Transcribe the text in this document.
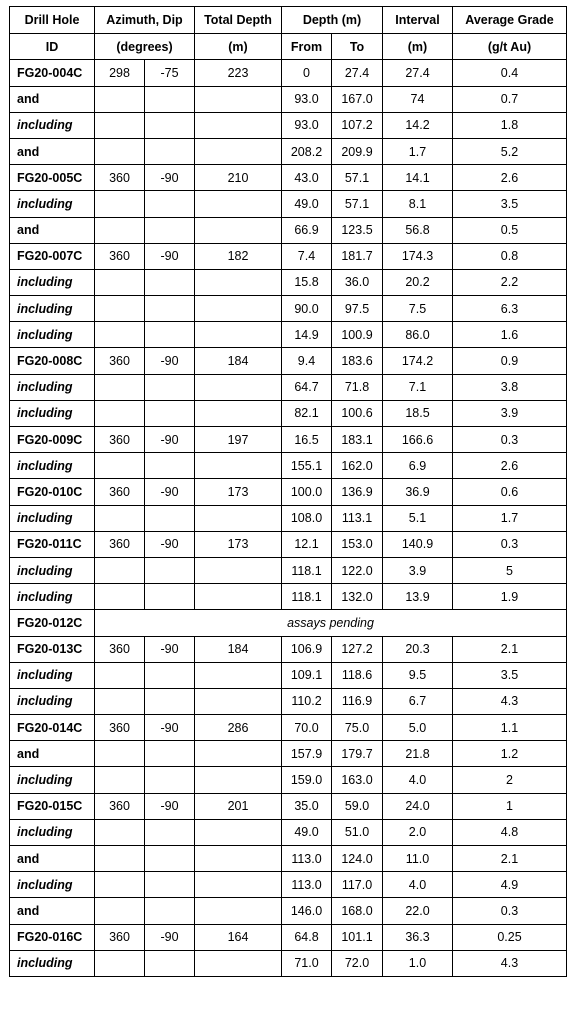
Drill Hole	Azimuth, Dip		Total Depth	Depth (m)		Interval	Average Grade
ID	(degrees)		(m)	From	To	(m)	(g/t Au)
FG20-004C	298	-75	223	0	27.4	27.4	0.4
and				93.0	167.0	74	0.7
including				93.0	107.2	14.2	1.8
and				208.2	209.9	1.7	5.2
FG20-005C	360	-90	210	43.0	57.1	14.1	2.6
including				49.0	57.1	8.1	3.5
and				66.9	123.5	56.8	0.5
FG20-007C	360	-90	182	7.4	181.7	174.3	0.8
including				15.8	36.0	20.2	2.2
including				90.0	97.5	7.5	6.3
including				14.9	100.9	86.0	1.6
FG20-008C	360	-90	184	9.4	183.6	174.2	0.9
including				64.7	71.8	7.1	3.8
including				82.1	100.6	18.5	3.9
FG20-009C	360	-90	197	16.5	183.1	166.6	0.3
including				155.1	162.0	6.9	2.6
FG20-010C	360	-90	173	100.0	136.9	36.9	0.6
including				108.0	113.1	5.1	1.7
FG20-011C	360	-90	173	12.1	153.0	140.9	0.3
including				118.1	122.0	3.9	5
including				118.1	132.0	13.9	1.9
FG20-012C	assays pending						
FG20-013C	360	-90	184	106.9	127.2	20.3	2.1
including				109.1	118.6	9.5	3.5
including				110.2	116.9	6.7	4.3
FG20-014C	360	-90	286	70.0	75.0	5.0	1.1
and				157.9	179.7	21.8	1.2
including				159.0	163.0	4.0	2
FG20-015C	360	-90	201	35.0	59.0	24.0	1
including				49.0	51.0	2.0	4.8
and				113.0	124.0	11.0	2.1
including				113.0	117.0	4.0	4.9
and				146.0	168.0	22.0	0.3
FG20-016C	360	-90	164	64.8	101.1	36.3	0.25
including				71.0	72.0	1.0	4.3
